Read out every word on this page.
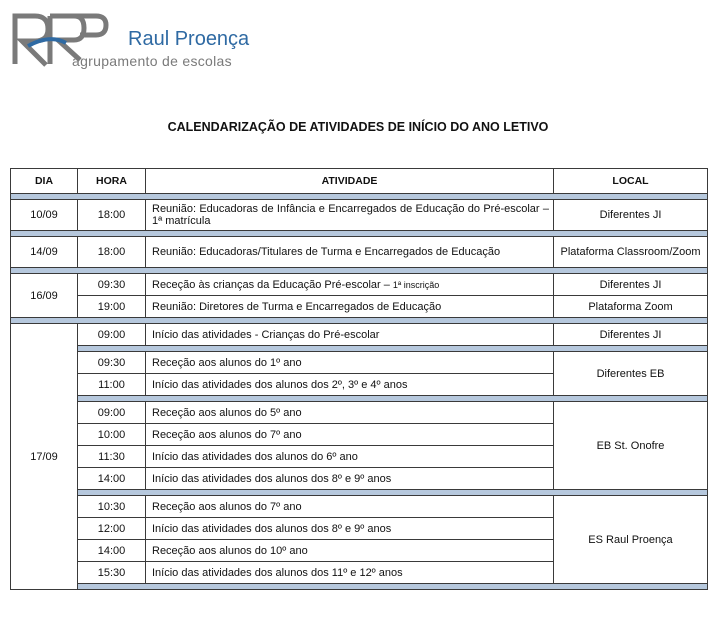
Raul Proença
agrupamento de escolas
CALENDARIZAÇÃO DE ATIVIDADES DE INÍCIO DO ANO LETIVO
DIA	HORA	ATIVIDADE	LOCAL

10/09	18:00	Reunião: Educadoras de Infância e Encarregados de Educação do Pré-escolar – 1ª matrícula	Diferentes JI

14/09	18:00	Reunião: Educadoras/Titulares de Turma e Encarregados de Educação	Plataforma Classroom/Zoom

16/09	09:30	Receção às crianças da Educação Pré-escolar – 1ª inscrição	Diferentes JI
	19:00	Reunião: Diretores de Turma e Encarregados de Educação	Plataforma Zoom

17/09	09:00	Início das atividades - Crianças do Pré-escolar	Diferentes JI

	09:30	Receção aos alunos do 1º ano	Diferentes EB
	11:00	Início das atividades dos alunos dos 2º, 3º e 4º anos	

	09:00	Receção aos alunos do 5º ano	EB St. Onofre
	10:00	Receção aos alunos do 7º ano	
	11:30	Início das atividades dos alunos do 6º ano	
	14:00	Início das atividades dos alunos dos 8º e 9º anos	

	10:30	Receção aos alunos do 7º ano	ES Raul Proença
	12:00	Início das atividades dos alunos dos 8º e 9º anos	
	14:00	Receção aos alunos do 10º ano	
	15:30	Início das atividades dos alunos dos 11º e 12º anos	
